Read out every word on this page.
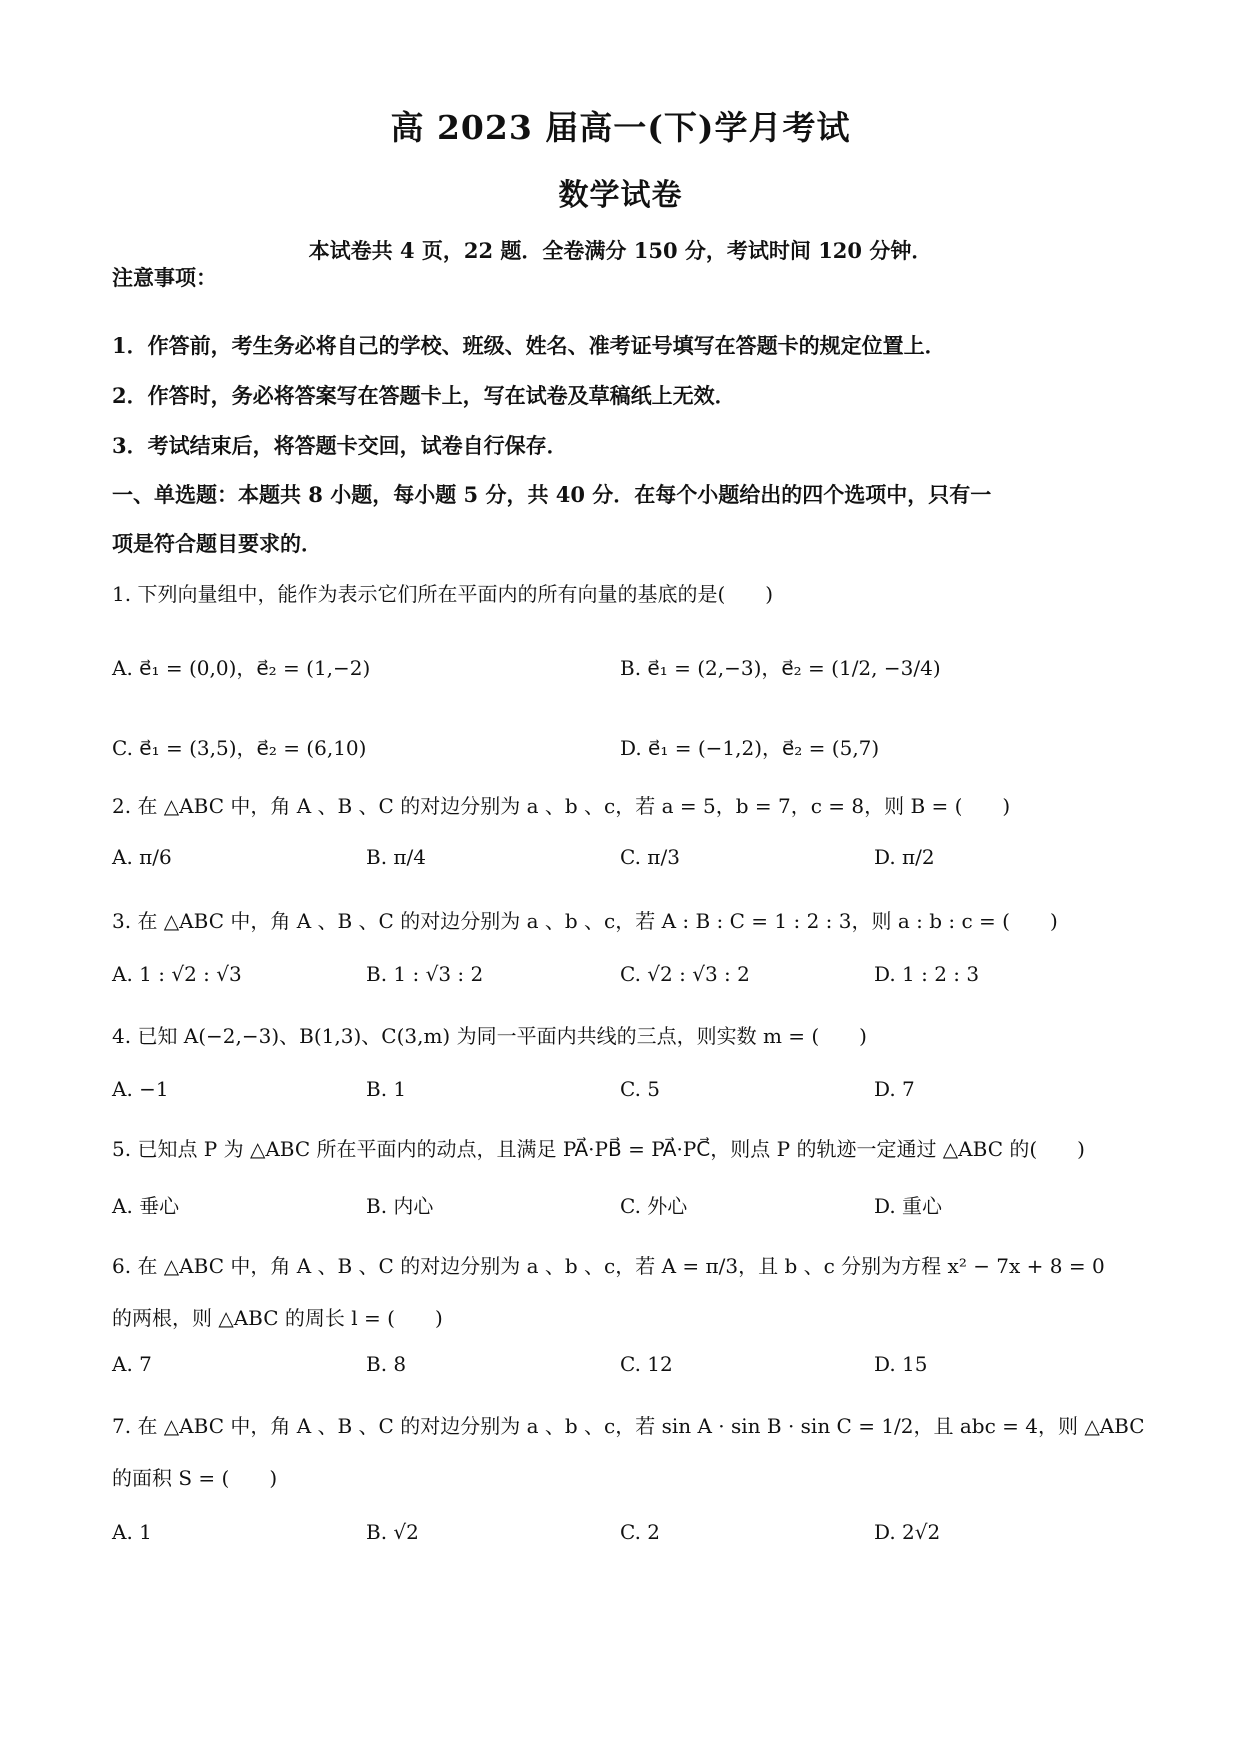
高 2023 届高一(下)学月考试
数学试卷
本试卷共 4 页，22 题．全卷满分 150 分，考试时间 120 分钟．
注意事项：
1．作答前，考生务必将自己的学校、班级、姓名、准考证号填写在答题卡的规定位置上．
2．作答时，务必将答案写在答题卡上，写在试卷及草稿纸上无效．
3．考试结束后，将答题卡交回，试卷自行保存．
一、单选题：本题共 8 小题，每小题 5 分，共 40 分．在每个小题给出的四个选项中，只有一
项是符合题目要求的．
1. 下列向量组中，能作为表示它们所在平面内的所有向量的基底的是(　　)
A. e⃗₁ = (0,0)，e⃗₂ = (1,−2)	B. e⃗₁ = (2,−3)，e⃗₂ = (1/2, −3/4)
C. e⃗₁ = (3,5)，e⃗₂ = (6,10)	D. e⃗₁ = (−1,2)，e⃗₂ = (5,7)
2. 在 △ABC 中，角 A 、B 、C 的对边分别为 a 、b 、c，若 a = 5，b = 7，c = 8，则 B = (　　)
A. π/6	B. π/4	C. π/3	D. π/2
3. 在 △ABC 中，角 A 、B 、C 的对边分别为 a 、b 、c，若 A : B : C = 1 : 2 : 3，则 a : b : c = (　　)
A. 1 : √2 : √3	B. 1 : √3 : 2	C. √2 : √3 : 2	D. 1 : 2 : 3
4. 已知 A(−2,−3)、B(1,3)、C(3,m) 为同一平面内共线的三点，则实数 m = (　　)
A. −1	B. 1	C. 5	D. 7
5. 已知点 P 为 △ABC 所在平面内的动点，且满足 PA⃗·PB⃗ = PA⃗·PC⃗，则点 P 的轨迹一定通过 △ABC 的(　　)
A. 垂心	B. 内心	C. 外心	D. 重心
6. 在 △ABC 中，角 A 、B 、C 的对边分别为 a 、b 、c，若 A = π/3，且 b 、c 分别为方程 x² − 7x + 8 = 0
的两根，则 △ABC 的周长 l = (　　)
A. 7	B. 8	C. 12	D. 15
7. 在 △ABC 中，角 A 、B 、C 的对边分别为 a 、b 、c，若 sin A · sin B · sin C = 1/2，且 abc = 4，则 △ABC
的面积 S = (　　)
A. 1	B. √2	C. 2	D. 2√2
